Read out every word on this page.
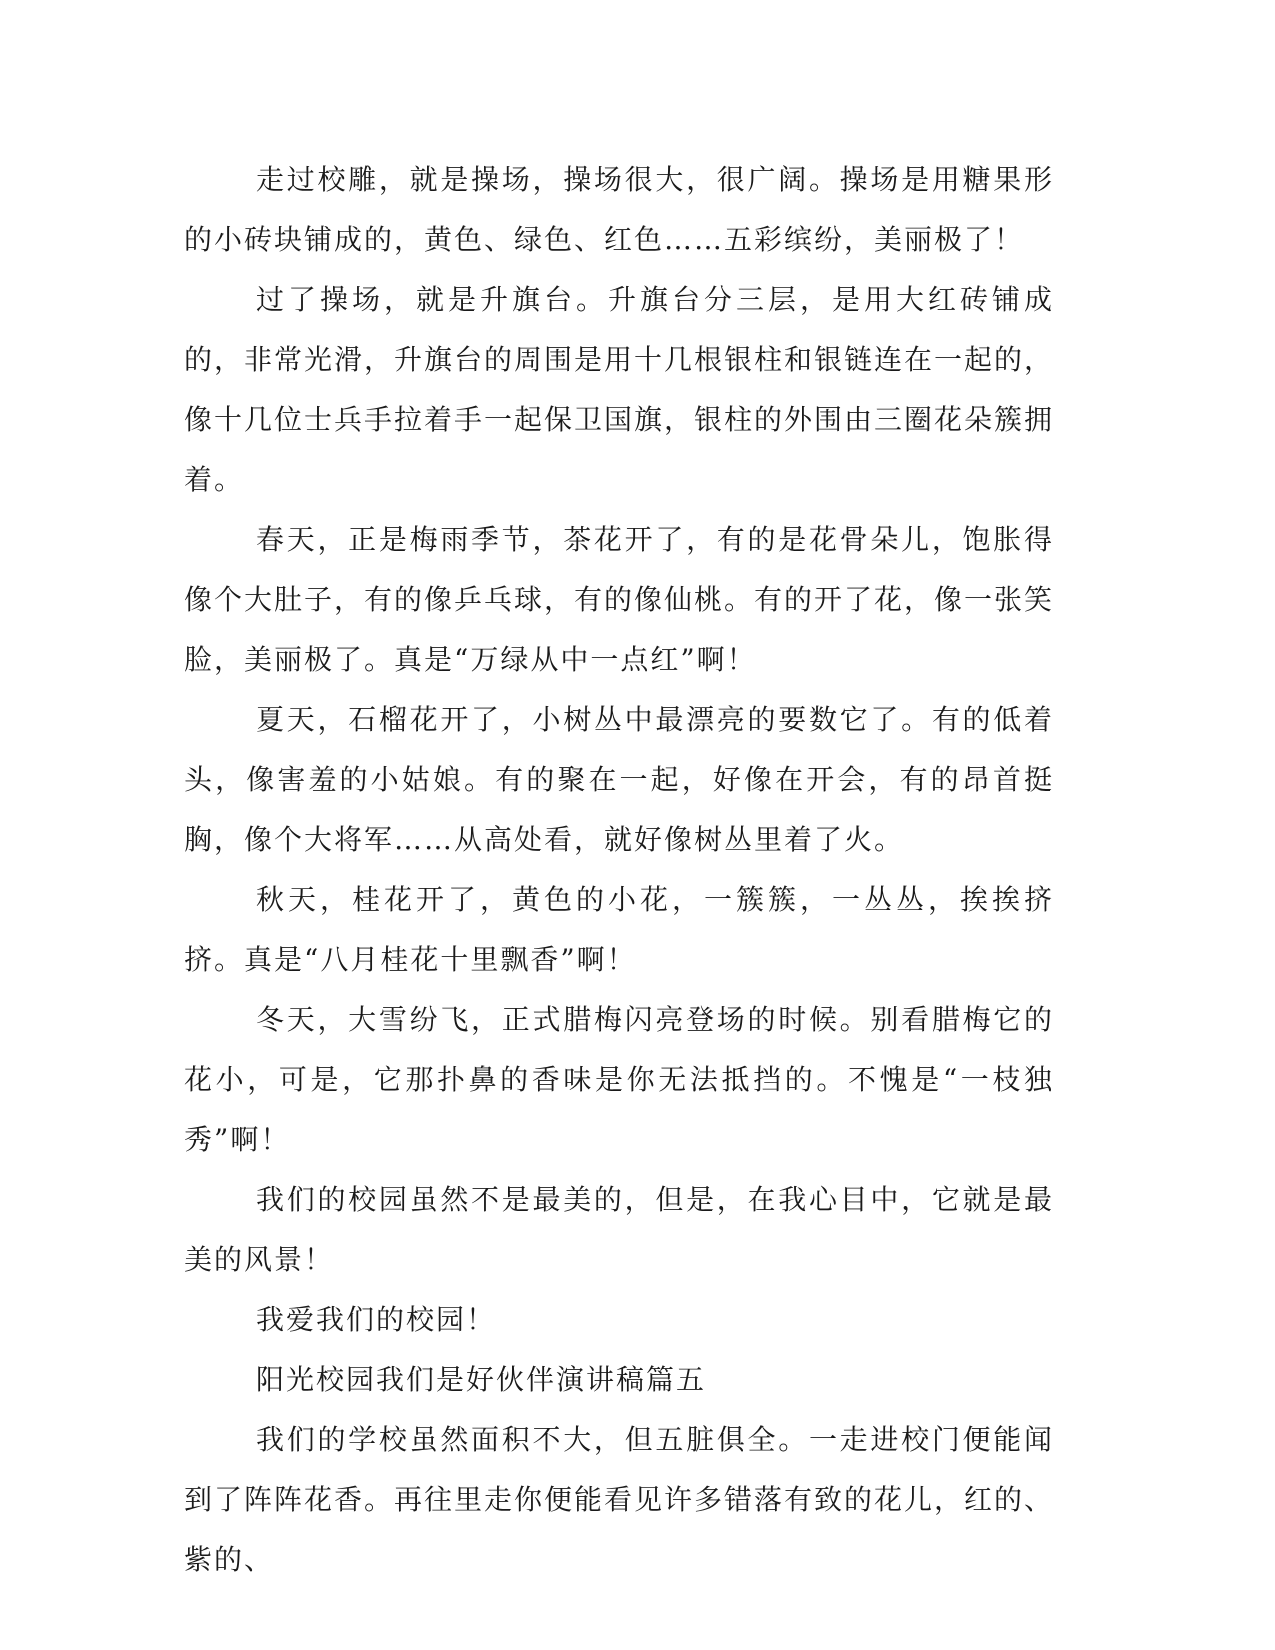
走过校雕，就是操场，操场很大，很广阔。操场是用糖果形的小砖块铺成的，黄色、绿色、红色……五彩缤纷，美丽极了！

过了操场，就是升旗台。升旗台分三层，是用大红砖铺成的，非常光滑，升旗台的周围是用十几根银柱和银链连在一起的，像十几位士兵手拉着手一起保卫国旗，银柱的外围由三圈花朵簇拥着。

春天，正是梅雨季节，茶花开了，有的是花骨朵儿，饱胀得像个大肚子，有的像乒乓球，有的像仙桃。有的开了花，像一张笑脸，美丽极了。真是“万绿从中一点红”啊！

夏天，石榴花开了，小树丛中最漂亮的要数它了。有的低着头，像害羞的小姑娘。有的聚在一起，好像在开会，有的昂首挺胸，像个大将军……从高处看，就好像树丛里着了火。

秋天，桂花开了，黄色的小花，一簇簇，一丛丛，挨挨挤挤。真是“八月桂花十里飘香”啊！

冬天，大雪纷飞，正式腊梅闪亮登场的时候。别看腊梅它的花小，可是，它那扑鼻的香味是你无法抵挡的。不愧是“一枝独秀”啊！

我们的校园虽然不是最美的，但是，在我心目中，它就是最美的风景！

我爱我们的校园！

阳光校园我们是好伙伴演讲稿篇五

我们的学校虽然面积不大，但五脏俱全。一走进校门便能闻到了阵阵花香。再往里走你便能看见许多错落有致的花儿，红的、紫的、
